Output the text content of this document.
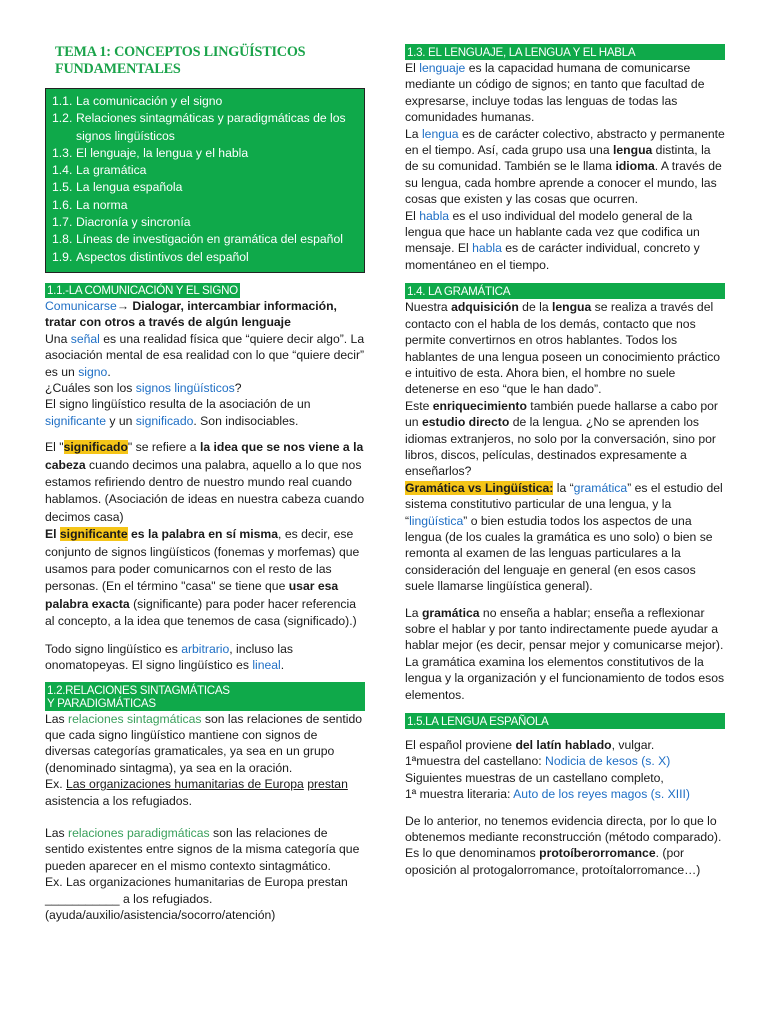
TEMA 1: CONCEPTOS LINGÜÍSTICOS FUNDAMENTALES
1.1. La comunicación y el signo
1.2. Relaciones sintagmáticas y paradigmáticas de los signos lingüísticos
1.3. El lenguaje, la lengua y el habla
1.4. La gramática
1.5. La lengua española
1.6. La norma
1.7. Diacronía y sincronía
1.8. Líneas de investigación en gramática del español
1.9. Aspectos distintivos del español
1.1.-LA COMUNICACIÓN Y EL SIGNO

Comunicarse→ Dialogar, intercambiar información, tratar con otros a través de algún lenguaje

Una señal es una realidad física que “quiere decir algo”. La asociación mental de esa realidad con lo que “quiere decir” es un signo.

¿Cuáles son los signos lingüísticos?

El signo lingüístico resulta de la asociación de un significante y un significado. Son indisociables.

El "significado" se refiere a la idea que se nos viene a la cabeza cuando decimos una palabra, aquello a lo que nos estamos refiriendo dentro de nuestro mundo real cuando hablamos. (Asociación de ideas en nuestra cabeza cuando decimos casa)

El significante es la palabra en sí misma, es decir, ese conjunto de signos lingüísticos (fonemas y morfemas) que usamos para poder comunicarnos con el resto de las personas. (En el término "casa" se tiene que usar esa palabra exacta (significante) para poder hacer referencia al concepto, a la idea que tenemos de casa (significado).)

Todo signo lingüístico es arbitrario, incluso las onomatopeyas. El signo lingüístico es lineal.

1.2.RELACIONES SINTAGMÁTICAS
Y PARADIGMÁTICAS

Las relaciones sintagmáticas son las relaciones de sentido que cada signo lingüístico mantiene con signos de diversas categorías gramaticales, ya sea en un grupo (denominado sintagma), ya sea en la oración.

Ex. Las organizaciones humanitarias de Europa prestan asistencia a los refugiados.

Las relaciones paradigmáticas son las relaciones de sentido existentes entre signos de la misma categoría que pueden aparecer en el mismo contexto sintagmático.

Ex. Las organizaciones humanitarias de Europa prestan

___________ a los refugiados.

(ayuda/auxilio/asistencia/socorro/atención)

1.3. EL LENGUAJE, LA LENGUA Y EL HABLA

El lenguaje es la capacidad humana de comunicarse mediante un código de signos; en tanto que facultad de expresarse, incluye todas las lenguas de todas las comunidades humanas.

La lengua es de carácter colectivo, abstracto y permanente en el tiempo. Así, cada grupo usa una lengua distinta, la de su comunidad. También se le llama idioma. A través de su lengua, cada hombre aprende a conocer el mundo, las cosas que existen y las cosas que ocurren.

El habla es el uso individual del modelo general de la lengua que hace un hablante cada vez que codifica un mensaje. El habla es de carácter individual, concreto y momentáneo en el tiempo.

1.4. LA GRAMÁTICA

Nuestra adquisición de la lengua se realiza a través del contacto con el habla de los demás, contacto que nos permite convertirnos en otros hablantes. Todos los hablantes de una lengua poseen un conocimiento práctico e intuitivo de esta. Ahora bien, el hombre no suele detenerse en eso “que le han dado”.

Este enriquecimiento también puede hallarse a cabo por un estudio directo de la lengua. ¿No se aprenden los idiomas extranjeros, no solo por la conversación, sino por libros, discos, películas, destinados expresamente a enseñarlos?

Gramática vs Lingüística: la “gramática” es el estudio del sistema constitutivo particular de una lengua, y la “lingüística” o bien estudia todos los aspectos de una lengua (de los cuales la gramática es uno solo) o bien se remonta al examen de las lenguas particulares a la consideración del lenguaje en general (en esos casos suele llamarse lingüística general).

La gramática no enseña a hablar; enseña a reflexionar sobre el hablar y por tanto indirectamente puede ayudar a hablar mejor (es decir, pensar mejor y comunicarse mejor). La gramática examina los elementos constitutivos de la lengua y la organización y el funcionamiento de todos esos elementos.

1.5.LA LENGUA ESPAÑOLA

El español proviene del latín hablado, vulgar.

1ªmuestra del castellano: Nodicia de kesos (s. X)

Siguientes muestras de un castellano completo,

1ª muestra literaria: Auto de los reyes magos (s. XIII)

De lo anterior, no tenemos evidencia directa, por lo que lo obtenemos mediante reconstrucción (método comparado). Es lo que denominamos protoíberorromance. (por oposición al protogalorromance, protoítalorromance…)
